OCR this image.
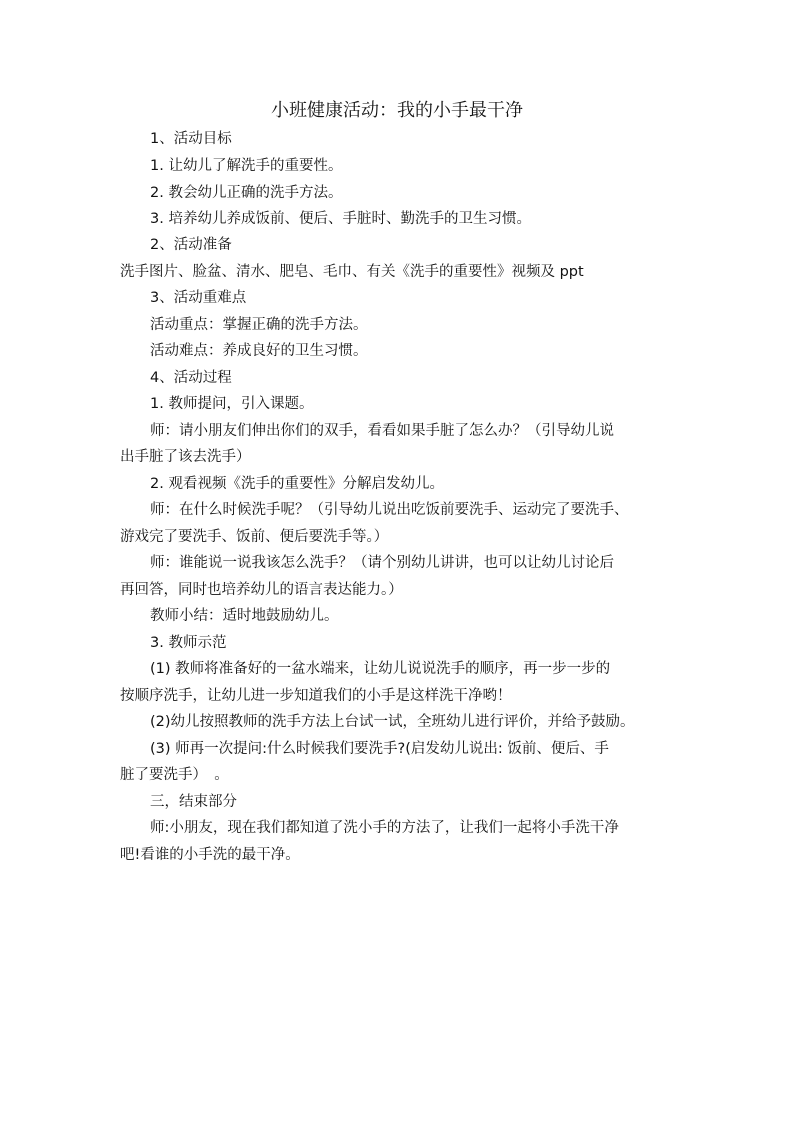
小班健康活动：我的小手最干净
1、活动目标
1. 让幼儿了解洗手的重要性。
2. 教会幼儿正确的洗手方法。
3. 培养幼儿养成饭前、便后、手脏时、勤洗手的卫生习惯。
2、活动准备
洗手图片、脸盆、清水、肥皂、毛巾、有关《洗手的重要性》视频及 ppt
3、活动重难点
活动重点：掌握正确的洗手方法。
活动难点：养成良好的卫生习惯。
4、活动过程
1. 教师提问，引入课题。
师：请小朋友们伸出你们的双手，看看如果手脏了怎么办？（引导幼儿说
出手脏了该去洗手）
2. 观看视频《洗手的重要性》分解启发幼儿。
师：在什么时候洗手呢？（引导幼儿说出吃饭前要洗手、运动完了要洗手、
游戏完了要洗手、饭前、便后要洗手等。）
师：谁能说一说我该怎么洗手？（请个别幼儿讲讲，也可以让幼儿讨论后
再回答，同时也培养幼儿的语言表达能力。）
教师小结：适时地鼓励幼儿。
3. 教师示范
(1) 教师将准备好的一盆水端来，让幼儿说说洗手的顺序，再一步一步的
按顺序洗手，让幼儿进一步知道我们的小手是这样洗干净哟！
(2)幼儿按照教师的洗手方法上台试一试，全班幼儿进行评价，并给予鼓励。
(3) 师再一次提问:什么时候我们要洗手?(启发幼儿说出: 饭前、便后、手
脏了要洗手）　。
三，结束部分
师:小朋友，现在我们都知道了洗小手的方法了，让我们一起将小手洗干净
吧!看谁的小手洗的最干净。
